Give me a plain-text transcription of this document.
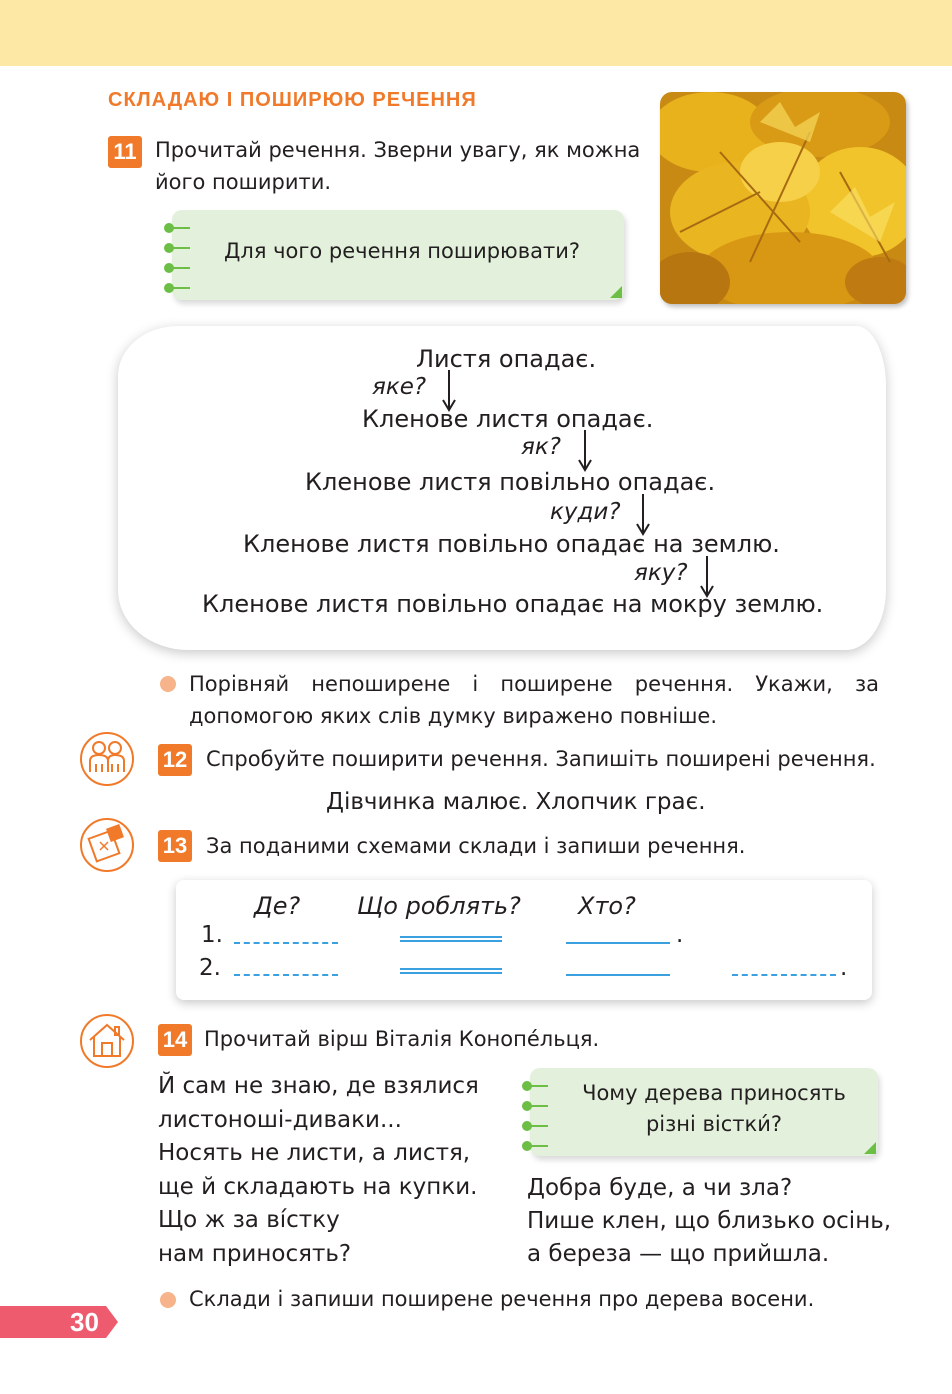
СКЛАДАЮ І ПОШИРЮЮ РЕЧЕННЯ
11 Прочитай речення. Зверни увагу, як можна
його поширити.
Для чого речення поширювати?
Листя опадає.
яке?
Кленове листя опадає.
як?
Кленове листя повільно опадає.
куди?
Кленове листя повільно опадає на землю.
яку?
Кленове листя повільно опадає на мокру землю.
Порівняй непоширене і поширене речення. Укажи, за
допомогою яких слів думку виражено повніше.
12 Спробуйте поширити речення. Запишіть поширені речення.
Дівчинка малює. Хлопчик грає.
13 За поданими схемами склади і запиши речення.
Де? Що роблять? Хто?
1.
2.
.
.
14 Прочитай вірш Віталія Конопе́льця.
Й сам не знаю, де взялися
листоноші-диваки...
Носять не листи, а листя,
ще й складають на купки.
Що ж за ві́стку
нам приносять?
Чому дерева приносять
різні вістки́?
Добра буде, а чи зла?
Пише клен, що близько осінь,
а береза — що прийшла.
Склади і запиши поширене речення про дерева восени.
30
